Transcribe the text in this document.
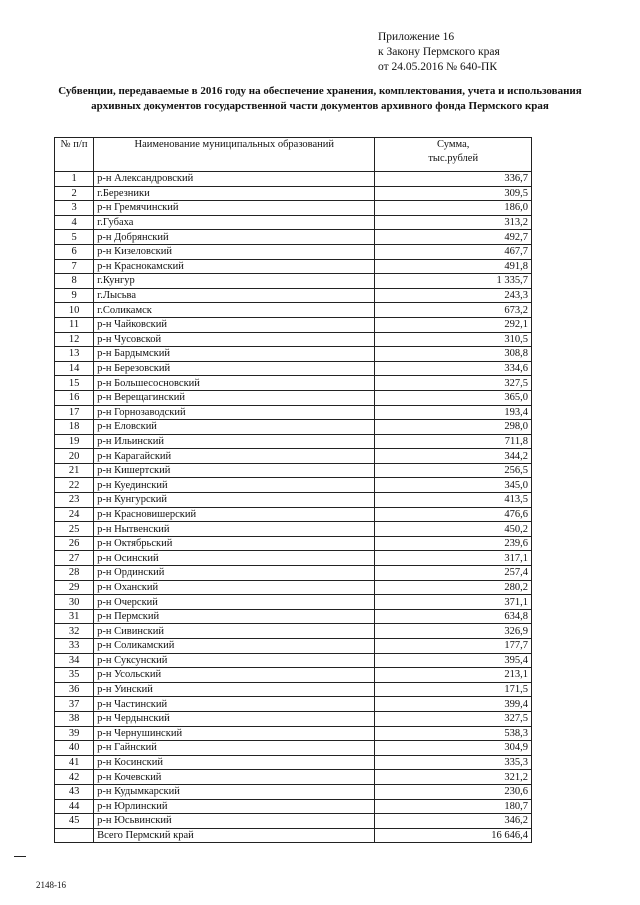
Приложение 16
к Закону Пермского края
от 24.05.2016 № 640-ПК
Субвенции, передаваемые в 2016 году на обеспечение хранения, комплектования, учета и использования архивных документов государственной части документов архивного фонда Пермского края
№ п/п	Наименование муниципальных образований	Сумма,
тыс.рублей

1	р-н Александровский	336,7
2	г.Березники	309,5
3	р-н Гремячинский	186,0
4	г.Губаха	313,2
5	р-н Добрянский	492,7
6	р-н Кизеловский	467,7
7	р-н Краснокамский	491,8
8	г.Кунгур	1 335,7
9	г.Лысьва	243,3
10	г.Соликамск	673,2
11	р-н Чайковский	292,1
12	р-н Чусовской	310,5
13	р-н Бардымский	308,8
14	р-н Березовский	334,6
15	р-н Большесосновский	327,5
16	р-н Верещагинский	365,0
17	р-н Горнозаводский	193,4
18	р-н Еловский	298,0
19	р-н Ильинский	711,8
20	р-н Карагайский	344,2
21	р-н Кишертский	256,5
22	р-н Куединский	345,0
23	р-н Кунгурский	413,5
24	р-н Красновишерский	476,6
25	р-н Нытвенский	450,2
26	р-н Октябрьский	239,6
27	р-н Осинский	317,1
28	р-н Ординский	257,4
29	р-н Оханский	280,2
30	р-н Очерский	371,1
31	р-н Пермский	634,8
32	р-н Сивинский	326,9
33	р-н Соликамский	177,7
34	р-н Суксунский	395,4
35	р-н Усольский	213,1
36	р-н Уинский	171,5
37	р-н Частинский	399,4
38	р-н Чердынский	327,5
39	р-н Чернушинский	538,3
40	р-н Гайнский	304,9
41	р-н Косинский	335,3
42	р-н Кочевский	321,2
43	р-н Кудымкарский	230,6
44	р-н Юрлинский	180,7
45	р-н Юсьвинский	346,2
	Всего Пермский край	16 646,4
2148-16
